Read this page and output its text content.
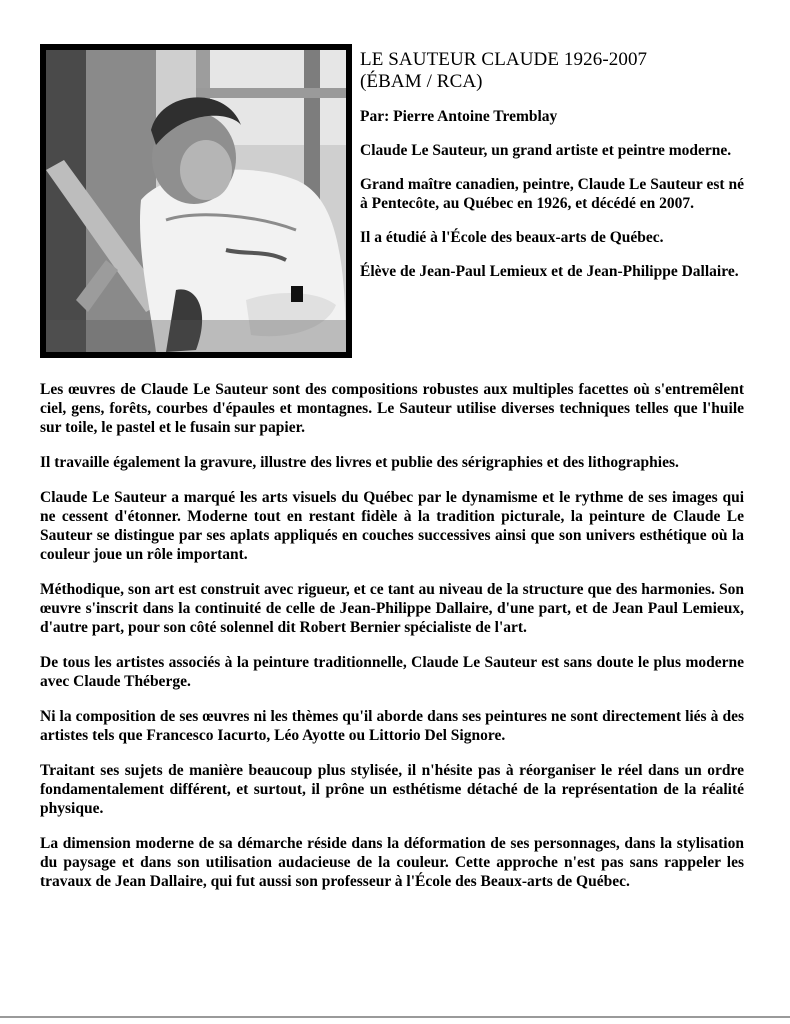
LE SAUTEUR CLAUDE 1926-2007
(ÉBAM / RCA)

Par: Pierre Antoine Tremblay

Claude Le Sauteur, un grand artiste et peintre moderne.

Grand maître canadien, peintre, Claude Le Sauteur est né à Pentecôte, au Québec en 1926, et décédé en 2007.

Il a étudié à l'École des beaux-arts de Québec.

Élève de Jean-Paul Lemieux et de Jean-Philippe Dallaire.

Les œuvres de Claude Le Sauteur sont des compositions robustes aux multiples facettes où s'entremêlent ciel, gens, forêts, courbes d'épaules et montagnes. Le Sauteur utilise diverses techniques telles que l'huile sur toile, le pastel et le fusain sur papier.

Il travaille également la gravure, illustre des livres et publie des sérigraphies et des lithographies.

Claude Le Sauteur a marqué les arts visuels du Québec par le dynamisme et le rythme de ses images qui ne cessent d'étonner. Moderne tout en restant fidèle à la tradition picturale, la peinture de Claude Le Sauteur se distingue par ses aplats appliqués en couches successives ainsi que son univers esthétique où la couleur joue un rôle important.

Méthodique, son art est construit avec rigueur, et ce tant au niveau de la structure que des harmonies. Son œuvre s'inscrit dans la continuité de celle de Jean-Philippe Dallaire, d'une part, et de Jean Paul Lemieux, d'autre part, pour son côté solennel dit Robert Bernier spécialiste de l'art.

De tous les artistes associés à la peinture traditionnelle, Claude Le Sauteur est sans doute le plus moderne avec Claude Théberge.

Ni la composition de ses œuvres ni les thèmes qu'il aborde dans ses peintures ne sont directement liés à des artistes tels que Francesco Iacurto, Léo Ayotte ou Littorio Del Signore.

Traitant ses sujets de manière beaucoup plus stylisée, il n'hésite pas à réorganiser le réel dans un ordre fondamentalement différent, et surtout, il prône un esthétisme détaché de la représentation de la réalité physique.

La dimension moderne de sa démarche réside dans la déformation de ses personnages, dans la stylisation du paysage et dans son utilisation audacieuse de la couleur. Cette approche n'est pas sans rappeler les travaux de Jean Dallaire, qui fut aussi son professeur à l'École des Beaux-arts de Québec.
